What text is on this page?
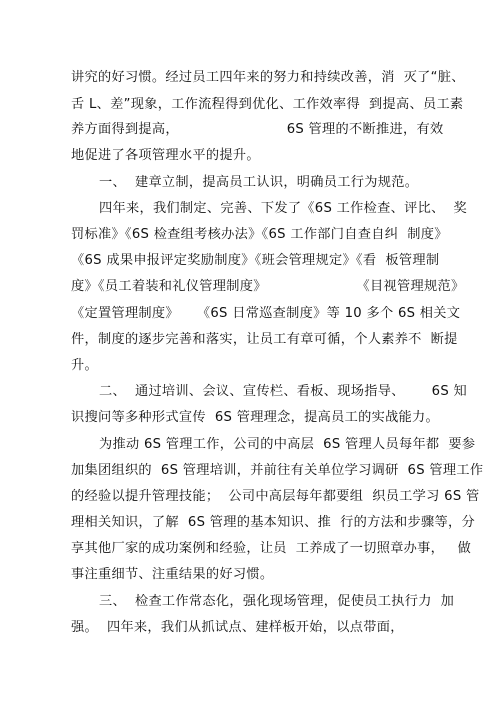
讲究的好习惯。经过员工四年来的努力和持续改善，消  灭了“脏、
舌 L、差”现象，工作流程得到优化、工作效率得  到提高、员工素
养方面得到提高，                        6S 管理的不断推进，有效
地促进了各项管理水平的提升。
一、  建章立制，提高员工认识，明确员工行为规范。
四年来，我们制定、完善、下发了《6S 工作检查、评比、  奖
罚标准》《6S 检查组考核办法》《6S 工作部门自查自纠  制度》
《6S 成果申报评定奖励制度》《班会管理规定》《看  板管理制
度》《员工着装和礼仪管理制度》                    《目视管理规范》
《定置管理制度》    《6S 日常巡查制度》等 10 多个 6S 相关文
件，制度的逐步完善和落实，让员工有章可循，个人素养不  断提
升。
二、  通过培训、会议、宣传栏、看板、现场指导、      6S 知
识搜问等多种形式宣传  6S 管理理念，提高员工的实战能力。
为推动 6S 管理工作，公司的中高层  6S 管理人员每年都  要参
加集团组织的  6S 管理培训，并前往有关单位学习调研  6S 管理工作
的经验以提升管理技能；  公司中高层每年都要组  织员工学习 6S 管
理相关知识，了解  6S 管理的基本知识、推  行的方法和步骤等，分
享其他厂家的成功案例和经验，让员  工养成了一切照章办事，   做
事注重细节、注重结果的好习惯。
三、  检查工作常态化，强化现场管理，促使员工执行力  加
强。  四年来，我们从抓试点、建样板开始，以点带面，
